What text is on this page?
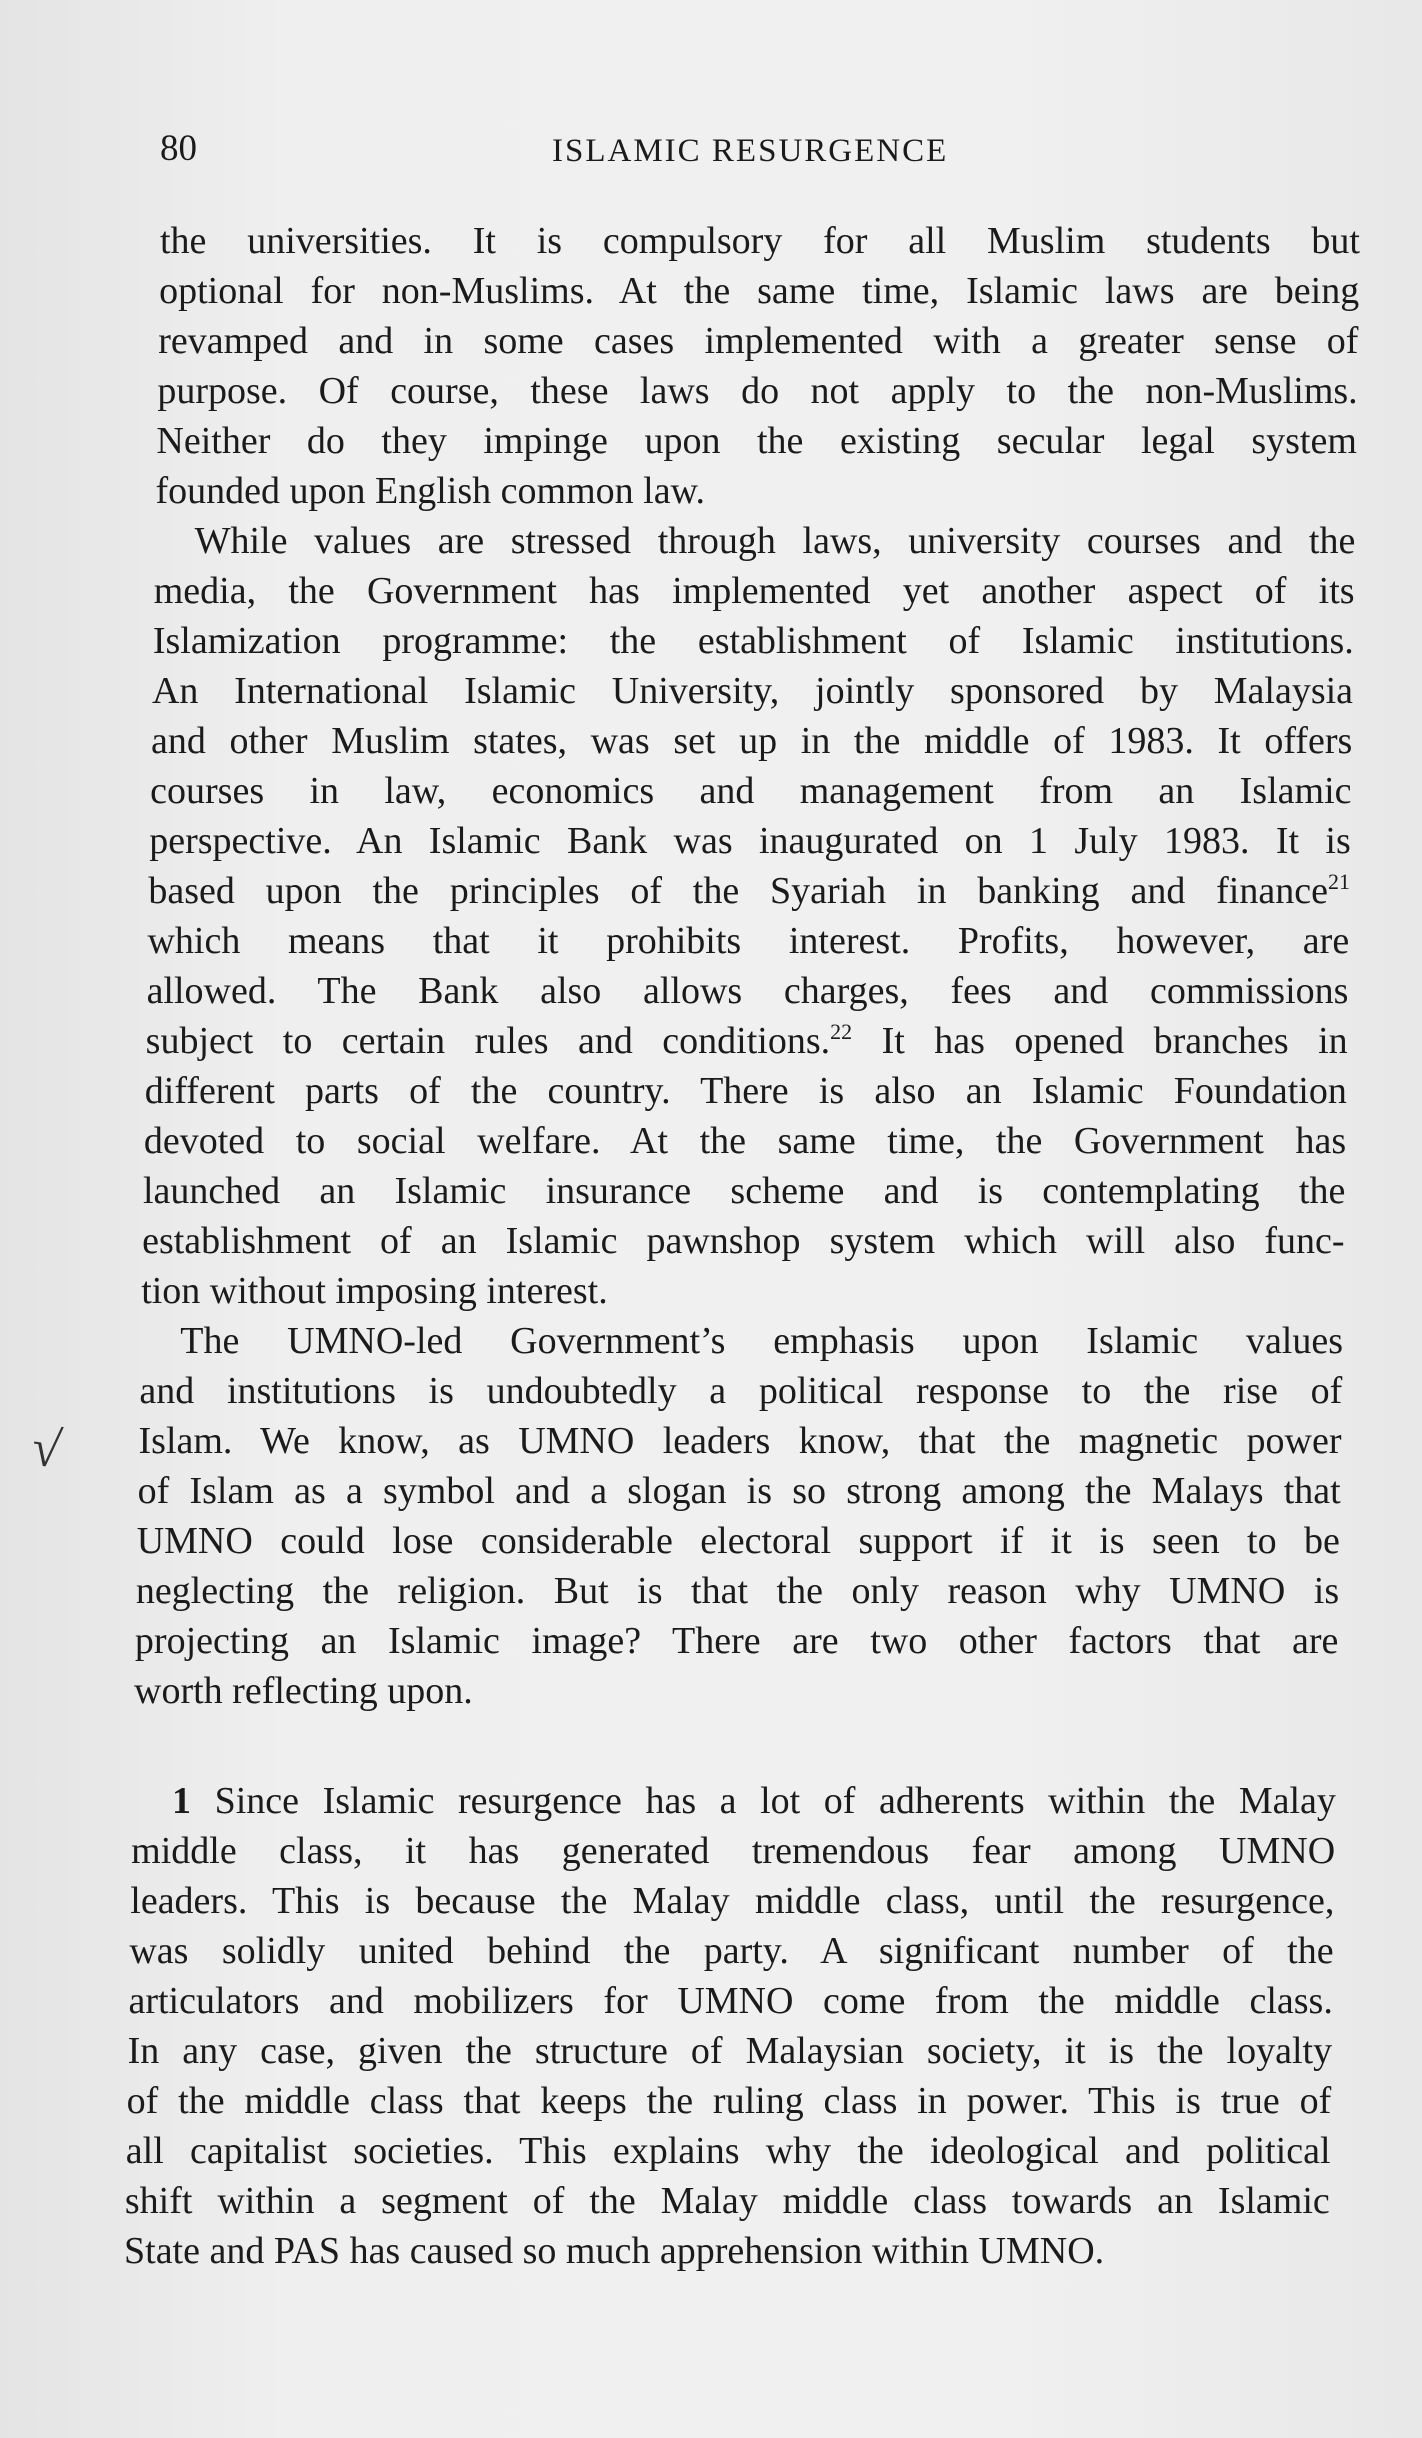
80	ISLAMIC RESURGENCE
√
the universities. It is compulsory for all Muslim students but
optional for non-Muslims. At the same time, Islamic laws are being
revamped and in some cases implemented with a greater sense of
purpose. Of course, these laws do not apply to the non-Muslims.
Neither do they impinge upon the existing secular legal system
founded upon English common law.
While values are stressed through laws, university courses and the
media, the Government has implemented yet another aspect of its
Islamization programme: the establishment of Islamic institutions.
An International Islamic University, jointly sponsored by Malaysia
and other Muslim states, was set up in the middle of 1983. It offers
courses in law, economics and management from an Islamic
perspective. An Islamic Bank was inaugurated on 1 July 1983. It is
based upon the principles of the Syariah in banking and finance$^{21}$
which means that it prohibits interest. Profits, however, are
allowed. The Bank also allows charges, fees and commissions
subject to certain rules and conditions.$^{22}$ It has opened branches in
different parts of the country. There is also an Islamic Foundation
devoted to social welfare. At the same time, the Government has
launched an Islamic insurance scheme and is contemplating the
establishment of an Islamic pawnshop system which will also func-
tion without imposing interest.
The UMNO-led Government’s emphasis upon Islamic values
and institutions is undoubtedly a political response to the rise of
Islam. We know, as UMNO leaders know, that the magnetic power
of Islam as a symbol and a slogan is so strong among the Malays that
UMNO could lose considerable electoral support if it is seen to be
neglecting the religion. But is that the only reason why UMNO is
projecting an Islamic image? There are two other factors that are
worth reflecting upon.
1 Since Islamic resurgence has a lot of adherents within the Malay
middle class, it has generated tremendous fear among UMNO
leaders. This is because the Malay middle class, until the resurgence,
was solidly united behind the party. A significant number of the
articulators and mobilizers for UMNO come from the middle class.
In any case, given the structure of Malaysian society, it is the loyalty
of the middle class that keeps the ruling class in power. This is true of
all capitalist societies. This explains why the ideological and political
shift within a segment of the Malay middle class towards an Islamic
State and PAS has caused so much apprehension within UMNO.
